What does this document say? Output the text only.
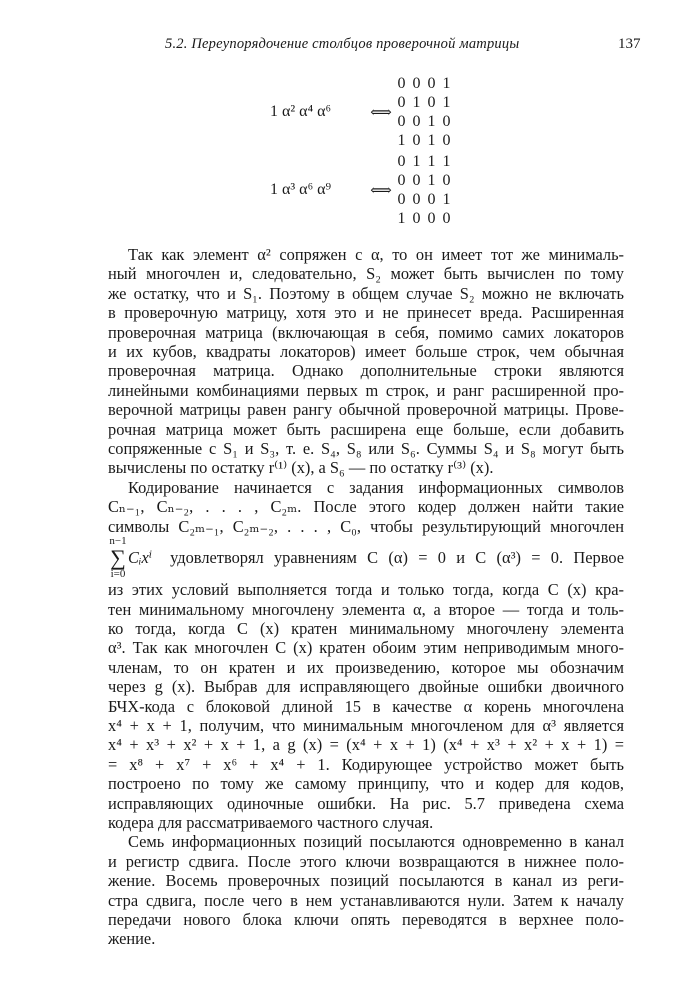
5.2. Переупорядочение столбцов проверочной матрицы	137
1 α² α⁴ α⁶	⟺
0 0 0 1
0 1 0 1
0 0 1 0
1 0 1 0
1 α³ α⁶ α⁹	⟺
0 1 1 1
0 0 1 0
0 0 0 1
1 0 0 0
Так как элемент α² сопряжен с α, то он имеет тот же минималь-
ный многочлен и, следовательно, S₂ может быть вычислен по тому
же остатку, что и S₁. Поэтому в общем случае S₂ можно не включать
в проверочную матрицу, хотя это и не принесет вреда. Расширенная
проверочная матрица (включающая в себя, помимо самих локаторов
и их кубов, квадраты локаторов) имеет больше строк, чем обычная
проверочная матрица. Однако дополнительные строки являются
линейными комбинациями первых m строк, и ранг расширенной про-
верочной матрицы равен рангу обычной проверочной матрицы. Прове-
рочная матрица может быть расширена еще больше, если добавить
сопряженные с S₁ и S₃, т. е. S₄, S₈ или S₆. Суммы S₄ и S₈ могут быть
вычислены по остатку r⁽¹⁾ (x), а S₆ — по остатку r⁽³⁾ (x).
Кодирование начинается с задания информационных символов
Cₙ₋₁, Cₙ₋₂, . . . , C₂ₘ. После этого кодер должен найти такие
символы C₂ₘ₋₁, C₂ₘ₋₂, . . . , C₀, чтобы результирующий многочлен
n−1
∑
i=0
Cᵢxⁱ удовлетворял уравнениям C (α) = 0 и C (α³) = 0. Первое
из этих условий выполняется тогда и только тогда, когда C (x) кра-
тен минимальному многочлену элемента α, а второе — тогда и толь-
ко тогда, когда C (x) кратен минимальному многочлену элемента
α³. Так как многочлен C (x) кратен обоим этим неприводимым много-
членам, то он кратен и их произведению, которое мы обозначим
через g (x). Выбрав для исправляющего двойные ошибки двоичного
БЧХ-кода с блоковой длиной 15 в качестве α корень многочлена
x⁴ + x + 1, получим, что минимальным многочленом для α³ является
x⁴ + x³ + x² + x + 1, а g (x) = (x⁴ + x + 1) (x⁴ + x³ + x² + x + 1) =
= x⁸ + x⁷ + x⁶ + x⁴ + 1. Кодирующее устройство может быть
построено по тому же самому принципу, что и кодер для кодов,
исправляющих одиночные ошибки. На рис. 5.7 приведена схема
кодера для рассматриваемого частного случая.
Семь информационных позиций посылаются одновременно в канал
и регистр сдвига. После этого ключи возвращаются в нижнее поло-
жение. Восемь проверочных позиций посылаются в канал из реги-
стра сдвига, после чего в нем устанавливаются нули. Затем к началу
передачи нового блока ключи опять переводятся в верхнее поло-
жение.
